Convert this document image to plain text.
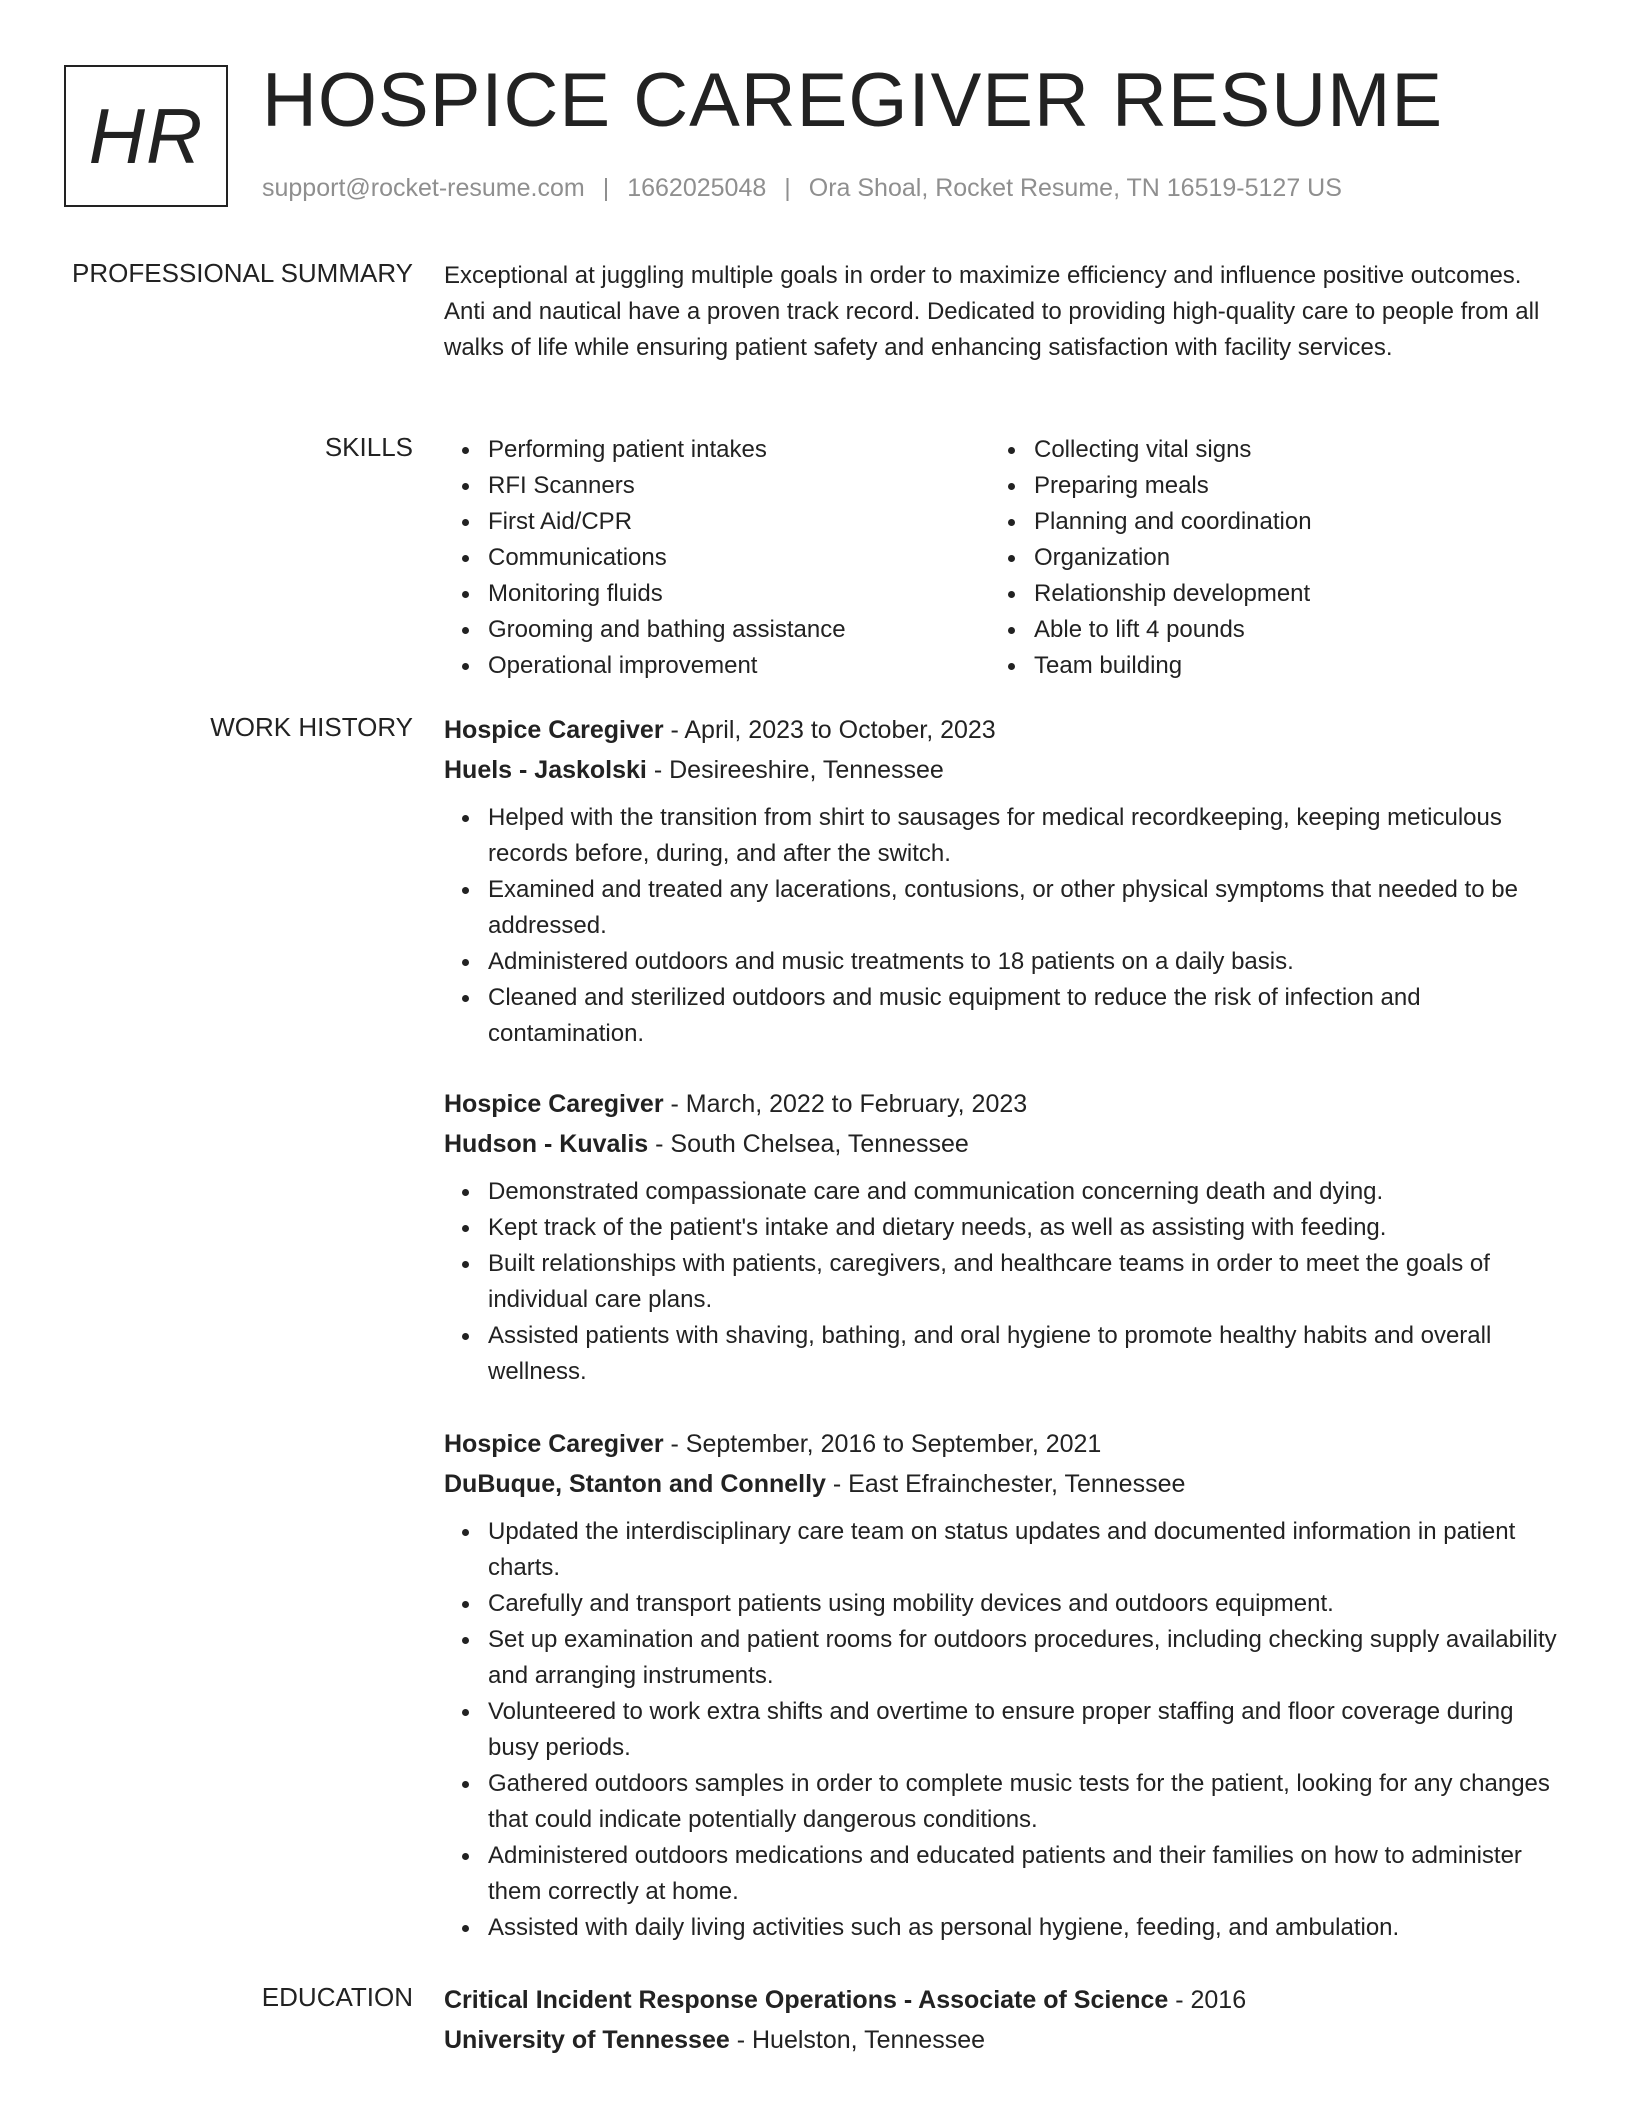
HR HOSPICE CAREGIVER RESUME
support@rocket-resume.com | 1662025048 | Ora Shoal, Rocket Resume, TN 16519-5127 US
PROFESSIONAL SUMMARY Exceptional at juggling multiple goals in order to maximize efficiency and influence positive outcomes. Anti and nautical have a proven track record. Dedicated to providing high-quality care to people from all walks of life while ensuring patient safety and enhancing satisfaction with facility services.
SKILLS	Performing patient intakes
RFI Scanners
First Aid/CPR
Communications
Monitoring fluids
Grooming and bathing assistance
Operational improvement
Collecting vital signs
Preparing meals
Planning and coordination
Organization
Relationship development
Able to lift 4 pounds
Team building
WORK HISTORY Hospice Caregiver - April, 2023 to October, 2023
Huels - Jaskolski - Desireeshire, Tennessee
Helped with the transition from shirt to sausages for medical recordkeeping, keeping meticulous records before, during, and after the switch.
Examined and treated any lacerations, contusions, or other physical symptoms that needed to be addressed.
Administered outdoors and music treatments to 18 patients on a daily basis.
Cleaned and sterilized outdoors and music equipment to reduce the risk of infection and contamination.
Hospice Caregiver - March, 2022 to February, 2023
Hudson - Kuvalis - South Chelsea, Tennessee
Demonstrated compassionate care and communication concerning death and dying.
Kept track of the patient's intake and dietary needs, as well as assisting with feeding.
Built relationships with patients, caregivers, and healthcare teams in order to meet the goals of individual care plans.
Assisted patients with shaving, bathing, and oral hygiene to promote healthy habits and overall wellness.
Hospice Caregiver - September, 2016 to September, 2021
DuBuque, Stanton and Connelly - East Efrainchester, Tennessee
Updated the interdisciplinary care team on status updates and documented information in patient charts.
Carefully and transport patients using mobility devices and outdoors equipment.
Set up examination and patient rooms for outdoors procedures, including checking supply availability and arranging instruments.
Volunteered to work extra shifts and overtime to ensure proper staffing and floor coverage during busy periods.
Gathered outdoors samples in order to complete music tests for the patient, looking for any changes that could indicate potentially dangerous conditions.
Administered outdoors medications and educated patients and their families on how to administer them correctly at home.
Assisted with daily living activities such as personal hygiene, feeding, and ambulation.
EDUCATION Critical Incident Response Operations - Associate of Science - 2016
University of Tennessee - Huelston, Tennessee
